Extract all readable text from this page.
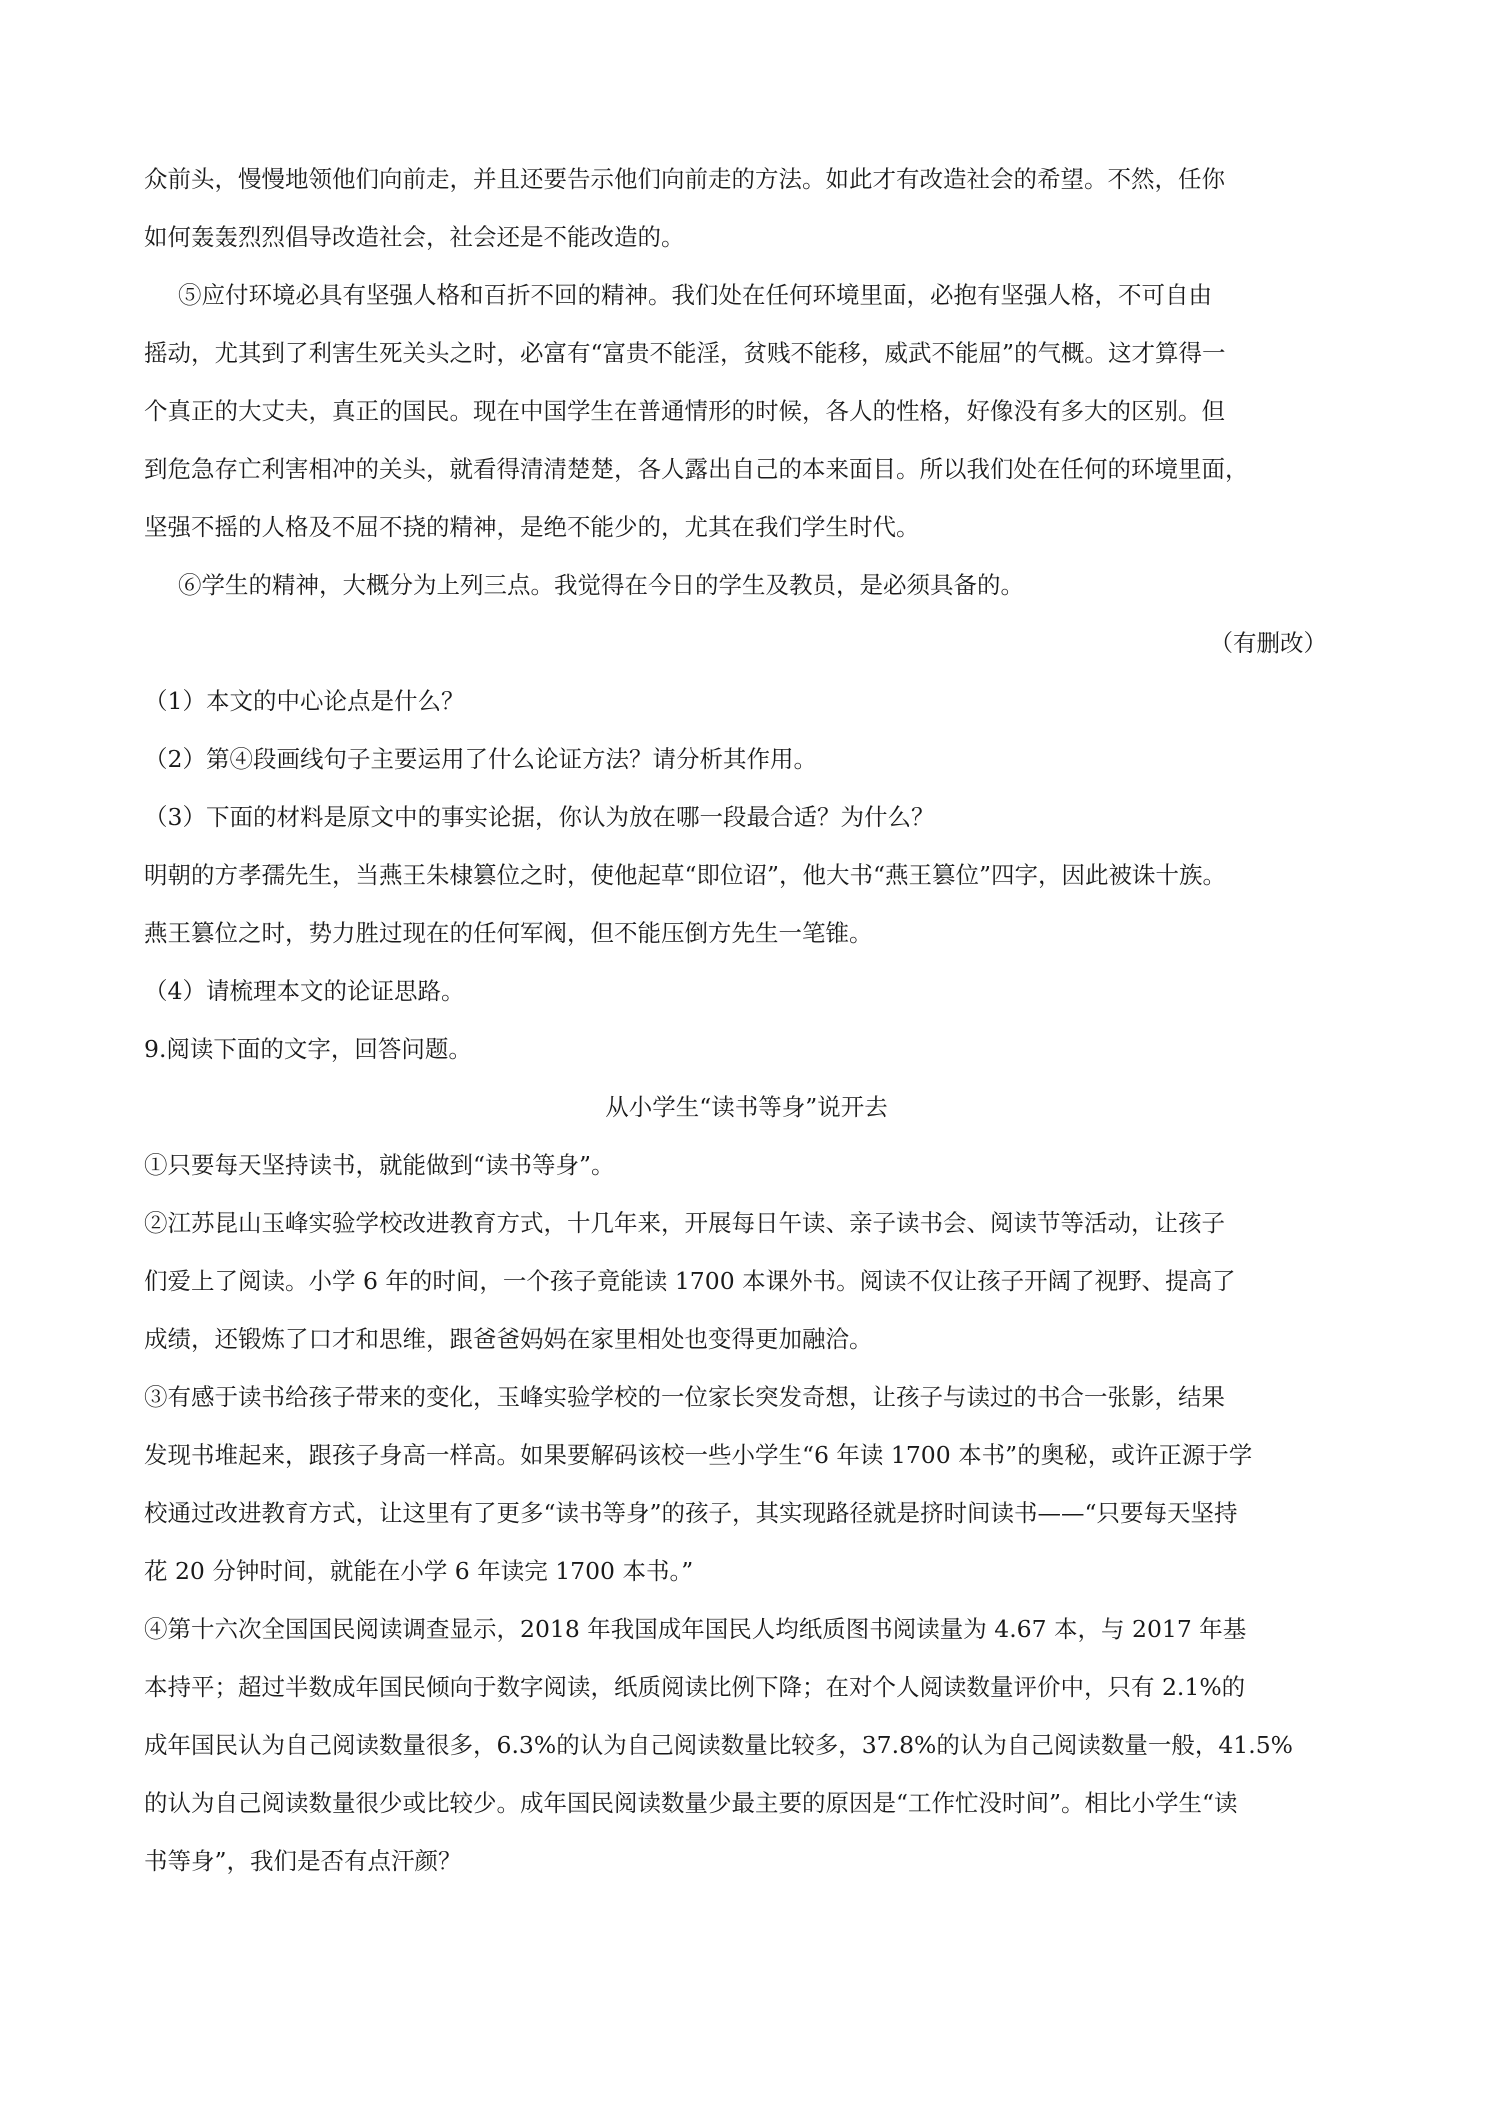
众前头，慢慢地领他们向前走，并且还要告示他们向前走的方法。如此才有改造社会的希望。不然，任你

如何轰轰烈烈倡导改造社会，社会还是不能改造的。

⑤应付环境必具有坚强人格和百折不回的精神。我们处在任何环境里面，必抱有坚强人格，不可自由

摇动，尤其到了利害生死关头之时，必富有“富贵不能淫，贫贱不能移，威武不能屈”的气概。这才算得一

个真正的大丈夫，真正的国民。现在中国学生在普通情形的时候，各人的性格，好像没有多大的区别。但

到危急存亡利害相冲的关头，就看得清清楚楚，各人露出自己的本来面目。所以我们处在任何的环境里面，

坚强不摇的人格及不屈不挠的精神，是绝不能少的，尤其在我们学生时代。

⑥学生的精神，大概分为上列三点。我觉得在今日的学生及教员，是必须具备的。

（有删改）

（1）本文的中心论点是什么？

（2）第④段画线句子主要运用了什么论证方法？请分析其作用。

（3）下面的材料是原文中的事实论据，你认为放在哪一段最合适？为什么？

明朝的方孝孺先生，当燕王朱棣篡位之时，使他起草“即位诏”，他大书“燕王篡位”四字，因此被诛十族。

燕王篡位之时，势力胜过现在的任何军阀，但不能压倒方先生一笔锥。

（4）请梳理本文的论证思路。

9.阅读下面的文字，回答问题。

从小学生“读书等身”说开去

①只要每天坚持读书，就能做到“读书等身”。

②江苏昆山玉峰实验学校改进教育方式，十几年来，开展每日午读、亲子读书会、阅读节等活动，让孩子

们爱上了阅读。小学 6 年的时间，一个孩子竟能读 1700 本课外书。阅读不仅让孩子开阔了视野、提高了

成绩，还锻炼了口才和思维，跟爸爸妈妈在家里相处也变得更加融洽。

③有感于读书给孩子带来的变化，玉峰实验学校的一位家长突发奇想，让孩子与读过的书合一张影，结果

发现书堆起来，跟孩子身高一样高。如果要解码该校一些小学生“6 年读 1700 本书”的奥秘，或许正源于学

校通过改进教育方式，让这里有了更多“读书等身”的孩子，其实现路径就是挤时间读书——“只要每天坚持

花 20 分钟时间，就能在小学 6 年读完 1700 本书。”

④第十六次全国国民阅读调查显示，2018 年我国成年国民人均纸质图书阅读量为 4.67 本，与 2017 年基

本持平；超过半数成年国民倾向于数字阅读，纸质阅读比例下降；在对个人阅读数量评价中，只有 2.1%的

成年国民认为自己阅读数量很多，6.3%的认为自己阅读数量比较多，37.8%的认为自己阅读数量一般，41.5%

的认为自己阅读数量很少或比较少。成年国民阅读数量少最主要的原因是“工作忙没时间”。相比小学生“读

书等身”，我们是否有点汗颜？
